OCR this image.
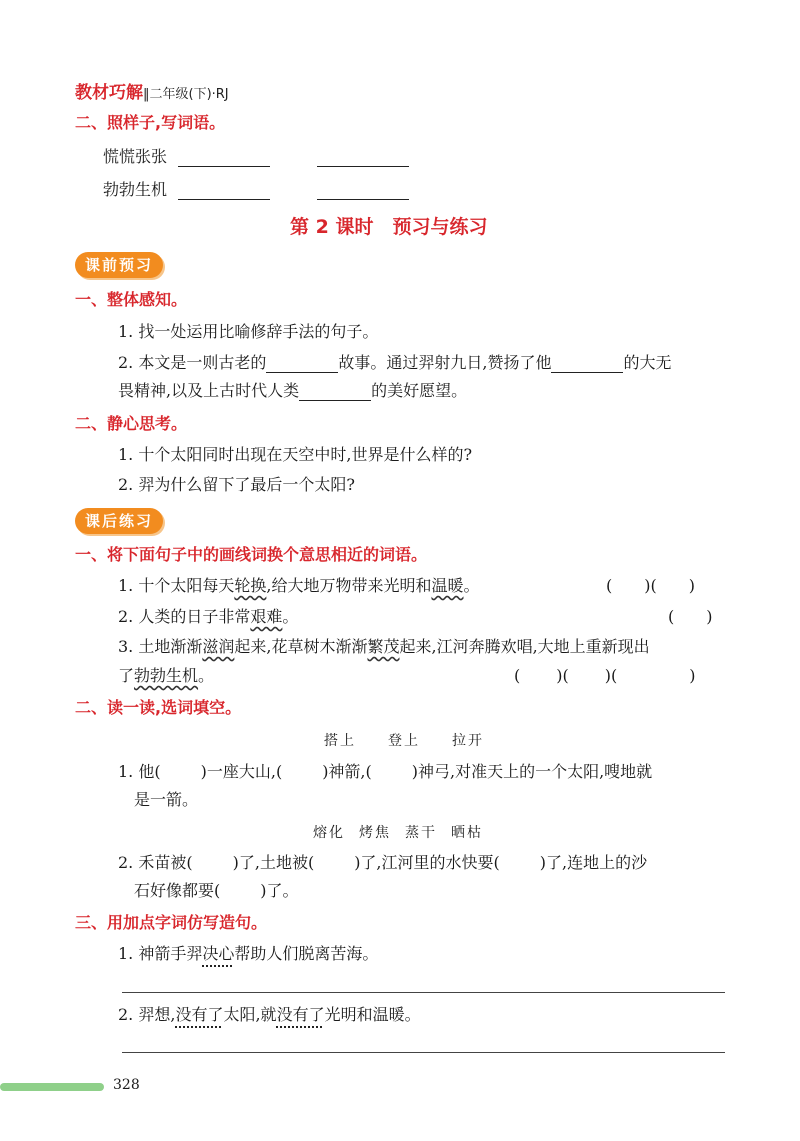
教材巧解‖二年级(下)·RJ
二、照样子,写词语。
慌慌张张
勃勃生机
第 2 课时　预习与练习
课前预习
一、整体感知。
1. 找一处运用比喻修辞手法的句子。
2. 本文是一则古老的	故事。通过羿射九日,赞扬了他	的大无
畏精神,以及上古时代人类	的美好愿望。
二、静心思考。
1. 十个太阳同时出现在天空中时,世界是什么样的?
2. 羿为什么留下了最后一个太阳?
课后练习
一、将下面句子中的画线词换个意思相近的词语。
1. 十个太阳每天轮换,给大地万物带来光明和温暖。	( )( )
2. 人类的日子非常艰难。	( )
3. 土地渐渐滋润起来,花草树木渐渐繁茂起来,江河奔腾欢唱,大地上重新现出
了勃勃生机。	( )( )(	)
二、读一读,选词填空。
搭上 登上 拉开
1. 他(	)一座大山,(	)神箭,(	)神弓,对准天上的一个太阳,嗖地就
是一箭。
熔化 烤焦 蒸干 晒枯
2. 禾苗被(	)了,土地被(	)了,江河里的水快要(	)了,连地上的沙
石好像都要(	)了。
三、用加点字词仿写造句。
1. 神箭手羿决心帮助人们脱离苦海。
2. 羿想,没有了太阳,就没有了光明和温暖。
328
